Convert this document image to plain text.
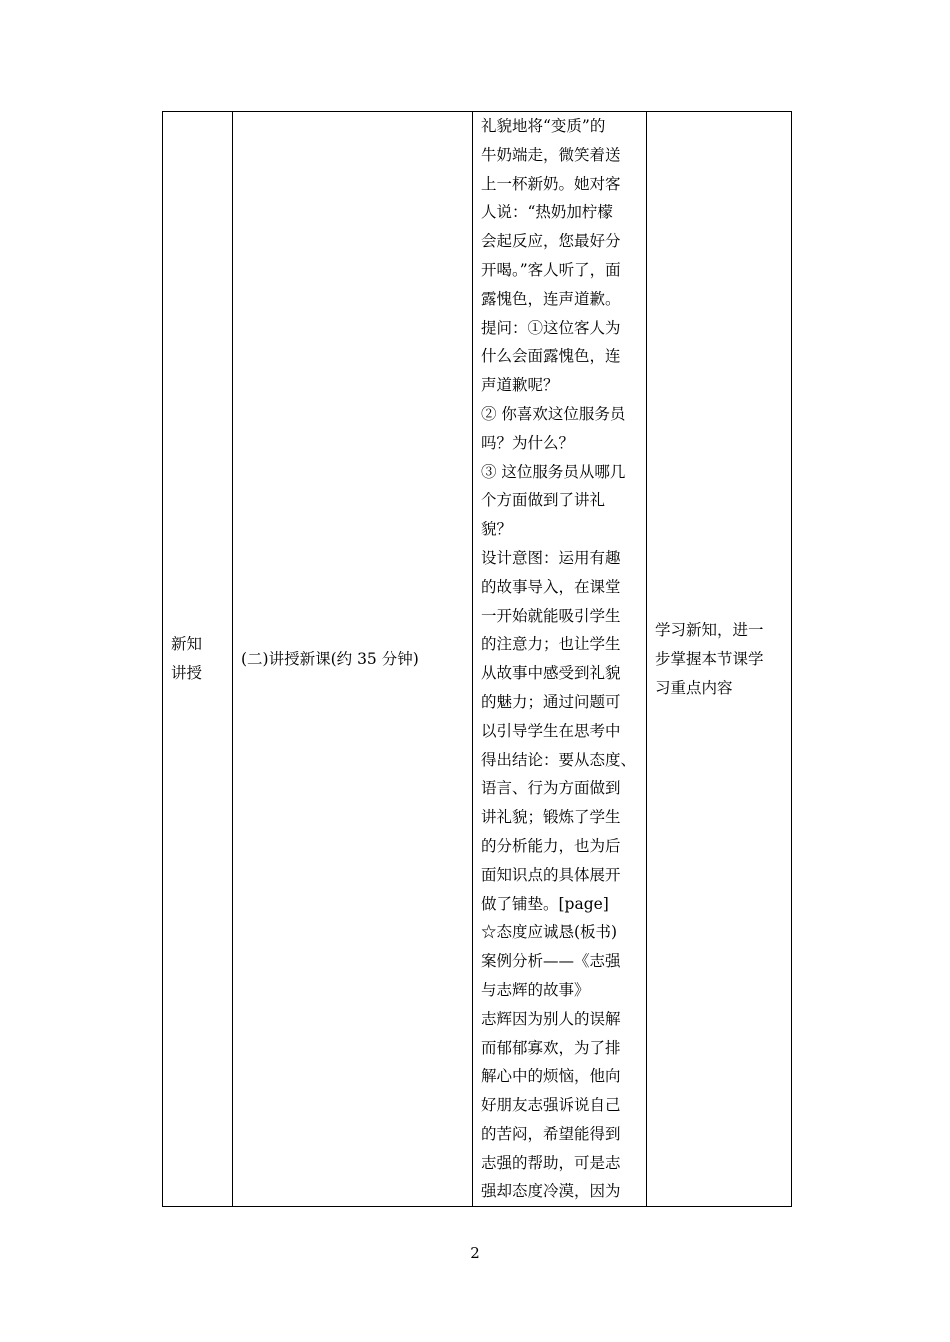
新知
讲授

(二)讲授新课(约 35 分钟)

礼貌地将“变质”的
牛奶端走，微笑着送
上一杯新奶。她对客
人说：“热奶加柠檬
会起反应，您最好分
开喝。”客人听了，面
露愧色，连声道歉。
提问：①这位客人为
什么会面露愧色，连
声道歉呢？
② 你喜欢这位服务员
吗？为什么？
③ 这位服务员从哪几
个方面做到了讲礼
貌？
设计意图：运用有趣
的故事导入，在课堂
一开始就能吸引学生
的注意力；也让学生
从故事中感受到礼貌
的魅力；通过问题可
以引导学生在思考中
得出结论：要从态度、
语言、行为方面做到
讲礼貌；锻炼了学生
的分析能力，也为后
面知识点的具体展开
做了铺垫。[page]
☆态度应诚恳(板书)
案例分析——《志强
与志辉的故事》
志辉因为别人的误解
而郁郁寡欢，为了排
解心中的烦恼，他向
好朋友志强诉说自己
的苦闷，希望能得到
志强的帮助，可是志
强却态度冷漠，因为

学习新知，进一
步掌握本节课学
习重点内容
2
